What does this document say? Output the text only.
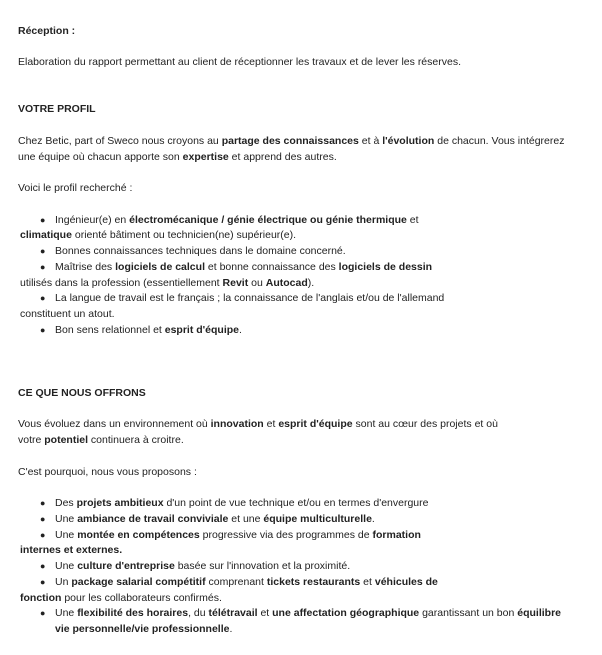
Réception :
Elaboration du rapport permettant au client de réceptionner les travaux et de lever les réserves.
VOTRE PROFIL
Chez Betic, part of Sweco nous croyons au partage des connaissances et à l'évolution de chacun. Vous intégrerez
une équipe où chacun apporte son expertise et apprend des autres.
Voici le profil recherché :
● Ingénieur(e) en électromécanique / génie électrique ou génie thermique et
climatique orienté bâtiment ou technicien(ne) supérieur(e).
● Bonnes connaissances techniques dans le domaine concerné.
● Maîtrise des logiciels de calcul et bonne connaissance des logiciels de dessin
utilisés dans la profession (essentiellement Revit ou Autocad).
● La langue de travail est le français ; la connaissance de l'anglais et/ou de l'allemand
constituent un atout.
● Bon sens relationnel et esprit d'équipe.
CE QUE NOUS OFFRONS
Vous évoluez dans un environnement où innovation et esprit d'équipe sont au cœur des projets et où
votre potentiel continuera à croitre.
C'est pourquoi, nous vous proposons :
● Des projets ambitieux d'un point de vue technique et/ou en termes d'envergure
● Une ambiance de travail conviviale et une équipe multiculturelle.
● Une montée en compétences progressive via des programmes de formation
internes et externes.
● Une culture d'entreprise basée sur l'innovation et la proximité.
● Un package salarial compétitif comprenant tickets restaurants et véhicules de
fonction pour les collaborateurs confirmés.
● Une flexibilité des horaires, du télétravail et une affectation géographique garantissant un bon équilibre
vie personnelle/vie professionnelle.
